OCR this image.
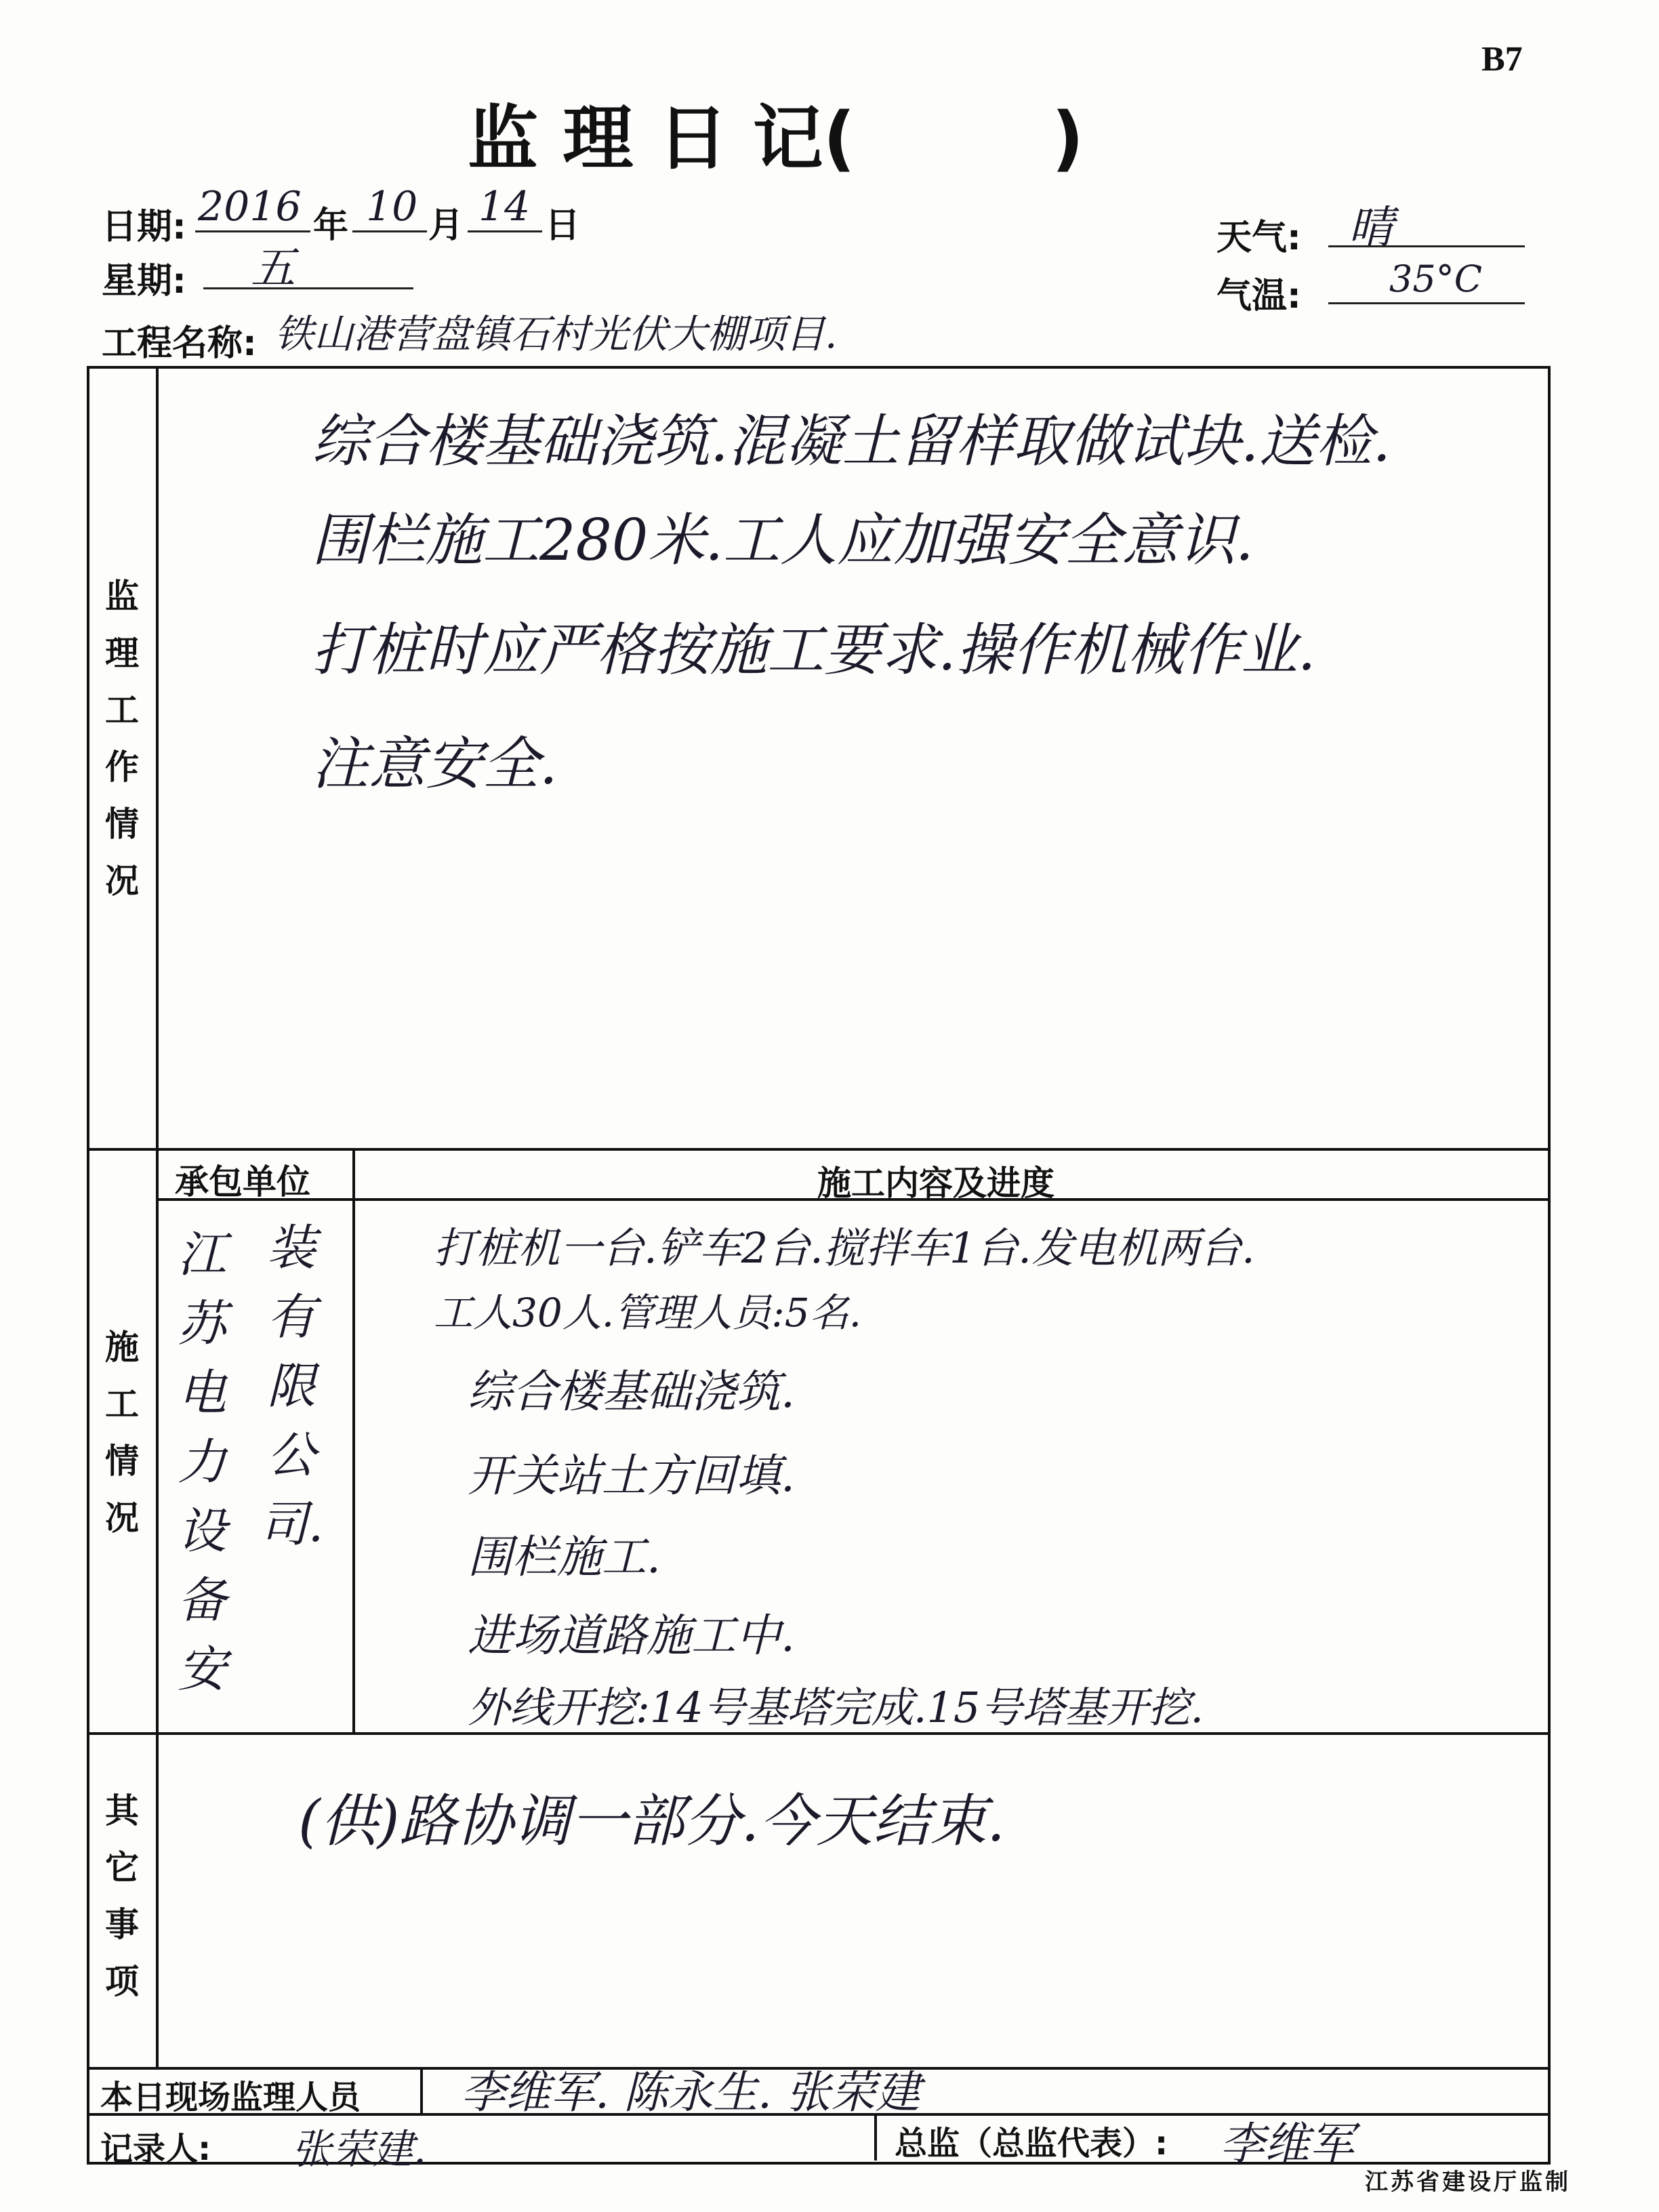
B7
监 理 日 记(        )
日期: 2016 年 10 月 14 日
星期: 五
天气: 晴
气温: 35°C
工程名称: 铁山港营盘镇石村光伏大棚项目.
监
理
工
作
情
况
综合楼基础浇筑.混凝土留样取做试块.送检.
围栏施工280米.工人应加强安全意识.
打桩时应严格按施工要求.操作机械作业.
注意安全.
施
工
情
况
承包单位	施工内容及进度
江
苏
电
力
设
备
安
装
有
限
公
司.
打桩机一台.铲车2台.搅拌车1台.发电机两台.
工人30人.管理人员:5名.
综合楼基础浇筑.
开关站土方回填.
围栏施工.
进场道路施工中.
外线开挖:14号基塔完成.15号塔基开挖.
其
它
事
项
(供)路协调一部分.今天结束.
本日现场监理人员 李维军. 陈永生. 张荣建
记录人: 张荣建.	总监（总监代表）: 李维军
江苏省建设厅监制
